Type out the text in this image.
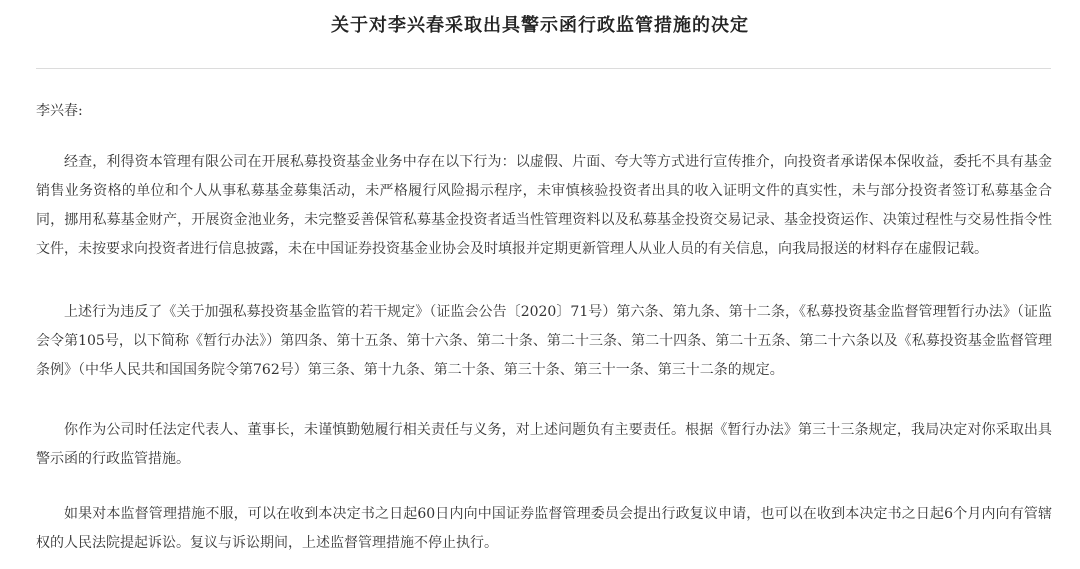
关于对李兴春采取出具警示函行政监管措施的决定
李兴春:

经查，利得资本管理有限公司在开展私募投资基金业务中存在以下行为：以虚假、片面、夸大等方式进行宣传推介，向投资者承诺保本保收益，委托不具有基金销售业务资格的单位和个人从事私募基金募集活动，未严格履行风险揭示程序，未审慎核验投资者出具的收入证明文件的真实性，未与部分投资者签订私募基金合同，挪用私募基金财产，开展资金池业务，未完整妥善保管私募基金投资者适当性管理资料以及私募基金投资交易记录、基金投资运作、决策过程性与交易性指令性文件，未按要求向投资者进行信息披露，未在中国证券投资基金业协会及时填报并定期更新管理人从业人员的有关信息，向我局报送的材料存在虚假记载。

上述行为违反了《关于加强私募投资基金监管的若干规定》（证监会公告〔2020〕71号）第六条、第九条、第十二条，《私募投资基金监督管理暂行办法》（证监会令第105号，以下简称《暂行办法》）第四条、第十五条、第十六条、第二十条、第二十三条、第二十四条、第二十五条、第二十六条以及《私募投资基金监督管理条例》（中华人民共和国国务院令第762号）第三条、第十九条、第二十条、第三十条、第三十一条、第三十二条的规定。

你作为公司时任法定代表人、董事长，未谨慎勤勉履行相关责任与义务，对上述问题负有主要责任。根据《暂行办法》第三十三条规定，我局决定对你采取出具警示函的行政监管措施。

如果对本监督管理措施不服，可以在收到本决定书之日起60日内向中国证券监督管理委员会提出行政复议申请，也可以在收到本决定书之日起6个月内向有管辖权的人民法院提起诉讼。复议与诉讼期间，上述监督管理措施不停止执行。
